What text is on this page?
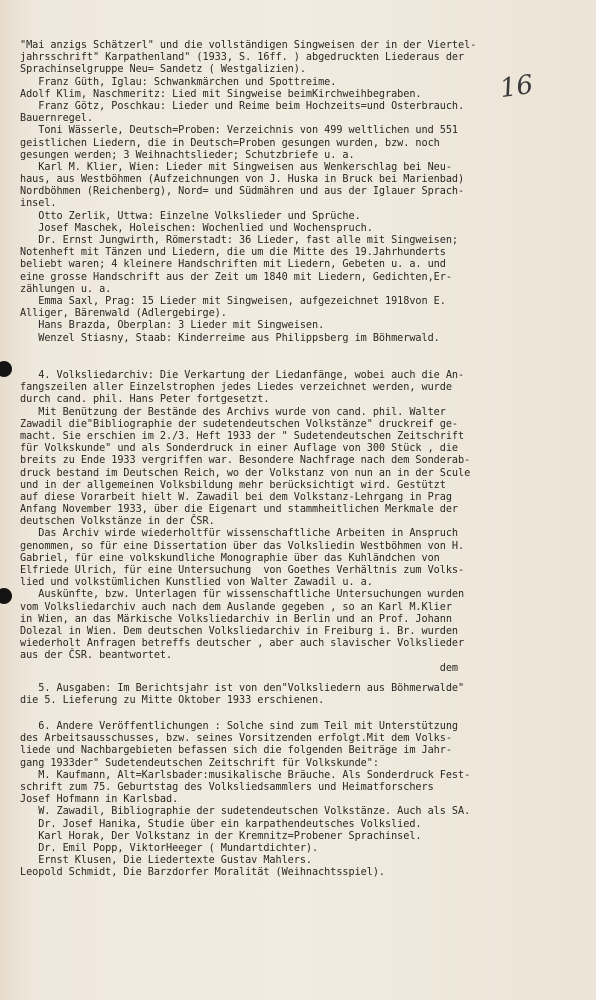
16
"Mai anzigs Schätzerl" und die vollständigen Singweisen der in der Viertel-
jahrsschrift" Karpathenland" (1933, S. 16ff. ) abgedruckten Liederaus der
Sprachinselgruppe Neu= Sandetz ( Westgalizien).
Franz Güth, Iglau: Schwankmärchen und Spottreime.
Adolf Klim, Naschmeritz: Lied mit Singweise beimKirchweihbegraben.
Franz Götz, Poschkau: Lieder und Reime beim Hochzeits=und Osterbrauch.
Bauernregel.
Toni Wässerle, Deutsch=Proben: Verzeichnis von 499 weltlichen und 551
geistlichen Liedern, die in Deutsch=Proben gesungen wurden, bzw. noch
gesungen werden; 3 Weihnachtslieder; Schutzbriefe u. a.
Karl M. Klier, Wien: Lieder mit Singweisen aus Wenkerschlag bei Neu-
haus, aus Westböhmen (Aufzeichnungen von J. Huska in Bruck bei Marienbad)
Nordböhmen (Reichenberg), Nord= und Südmähren und aus der Iglauer Sprach-
insel.
Otto Zerlik, Uttwa: Einzelne Volkslieder und Sprüche.
Josef Maschek, Holeischen: Wochenlied und Wochenspruch.
Dr. Ernst Jungwirth, Römerstadt: 36 Lieder, fast alle mit Singweisen;
Notenheft mit Tänzen und Liedern, die um die Mitte des 19.Jahrhunderts
beliebt waren; 4 kleinere Handschriften mit Liedern, Gebeten u. a. und
eine grosse Handschrift aus der Zeit um 1840 mit Liedern, Gedichten,Er-
zählungen u. a.
Emma Saxl, Prag: 15 Lieder mit Singweisen, aufgezeichnet 1918von E.
Alliger, Bärenwald (Adlergebirge).
Hans Brazda, Oberplan: 3 Lieder mit Singweisen.
Wenzel Stiasny, Staab: Kinderreime aus Philippsberg im Böhmerwald.
4. Volksliedarchiv: Die Verkartung der Liedanfänge, wobei auch die An-
fangszeilen aller Einzelstrophen jedes Liedes verzeichnet werden, wurde
durch cand. phil. Hans Peter fortgesetzt.
Mit Benützung der Bestände des Archivs wurde von cand. phil. Walter
Zawadil die"Bibliographie der sudetendeutschen Volkstänze" druckreif ge-
macht. Sie erschien im 2./3. Heft 1933 der " Sudetendeutschen Zeitschrift
für Volkskunde" und als Sonderdruck in einer Auflage von 300 Stück , die
breits zu Ende 1933 vergriffen war. Besondere Nachfrage nach dem Sonderab-
druck bestand im Deutschen Reich, wo der Volkstanz von nun an in der Scule
und in der allgemeinen Volksbildung mehr berücksichtigt wird. Gestützt
auf diese Vorarbeit hielt W. Zawadil bei dem Volkstanz-Lehrgang in Prag
Anfang November 1933, über die Eigenart und stammheitlichen Merkmale der
deutschen Volkstänze in der ČSR.
Das Archiv wirde wiederholtfür wissenschaftliche Arbeiten in Anspruch
genommen, so für eine Dissertation über das Volksliedin Westböhmen von H.
Gabriel, für eine volkskundliche Monographie über das Kuhländchen von
Elfriede Ulrich, für eine Untersuchung  von Goethes Verhältnis zum Volks-
lied und volkstümlichen Kunstlied von Walter Zawadil u. a.
Auskünfte, bzw. Unterlagen für wissenschaftliche Untersuchungen wurden
vom Volksliedarchiv auch nach dem Auslande gegeben , so an Karl M.Klier
in Wien, an das Märkische Volksliedarchiv in Berlin und an Prof. Johann
Dolezal in Wien. Dem deutschen Volksliedarchiv in Freiburg i. Br. wurden
wiederholt Anfragen betreffs deutscher , aber auch slavischer Volkslieder
aus der ČSR. beantwortet.
dem
5. Ausgaben: Im Berichtsjahr ist von den"Volksliedern aus Böhmerwalde"
die 5. Lieferung zu Mitte Oktober 1933 erschienen.
6. Andere Veröffentlichungen : Solche sind zum Teil mit Unterstützung
des Arbeitsausschusses, bzw. seines Vorsitzenden erfolgt.Mit dem Volks-
liede und Nachbargebieten befassen sich die folgenden Beiträge im Jahr-
gang 1933der" Sudetendeutschen Zeitschrift für Volkskunde":
M. Kaufmann, Alt=Karlsbader:musikalische Bräuche. Als Sonderdruck Fest-
schrift zum 75. Geburtstag des Volksliedsammlers und Heimatforschers
Josef Hofmann in Karlsbad.
W. Zawadil, Bibliographie der sudetendeutschen Volkstänze. Auch als SA.
Dr. Josef Hanika, Studie über ein karpathendeutsches Volkslied.
Karl Horak, Der Volkstanz in der Kremnitz=Probener Sprachinsel.
Dr. Emil Popp, ViktorHeeger ( Mundartdichter).
Ernst Klusen, Die Liedertexte Gustav Mahlers.
Leopold Schmidt, Die Barzdorfer Moralität (Weihnachtsspiel).
